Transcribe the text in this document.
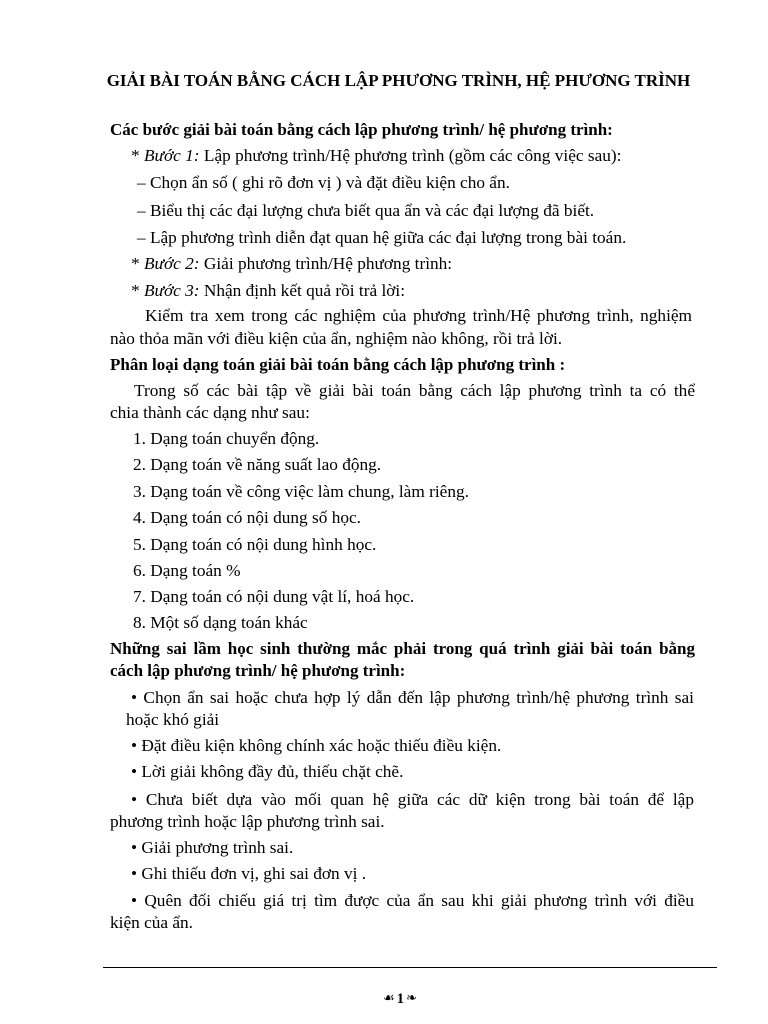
GIẢI BÀI TOÁN BẰNG CÁCH LẬP PHƯƠNG TRÌNH, HỆ PHƯƠNG TRÌNH
Các bước giải bài toán bằng cách lập phương trình/ hệ phương trình:
* Bước 1: Lập phương trình/Hệ phương trình (gồm các công việc sau):
– Chọn ẩn số ( ghi rõ đơn vị ) và đặt điều kiện cho ẩn.
– Biểu thị các đại lượng chưa biết qua ẩn và các đại lượng đã biết.
– Lập phương trình diễn đạt quan hệ giữa các đại lượng trong bài toán.
* Bước 2: Giải phương trình/Hệ phương trình:
* Bước 3: Nhận định kết quả rồi trả lời:
Kiểm tra xem trong các nghiệm của phương trình/Hệ phương trình, nghiệm
nào thỏa mãn với điều kiện của ẩn, nghiệm nào không, rồi trả lời.
Phân loại dạng toán giải bài toán bằng cách lập phương trình :
Trong số các bài tập về giải bài toán bằng cách lập phương trình ta có thể
chia thành các dạng như sau:
1. Dạng toán chuyển động.
2. Dạng toán về năng suất lao động.
3. Dạng toán về công việc làm chung, làm riêng.
4. Dạng toán có nội dung số học.
5. Dạng toán có nội dung hình học.
6. Dạng toán %
7. Dạng toán có nội dung vật lí, hoá học.
8. Một số dạng toán khác
Những sai lầm học sinh thường mắc phải trong quá trình giải bài toán bằng
cách lập phương trình/ hệ phương trình:
• Chọn ẩn sai hoặc chưa hợp lý dẫn đến lập phương trình/hệ phương trình sai
hoặc khó giải
• Đặt điều kiện không chính xác hoặc thiếu điều kiện.
• Lời giải không đầy đủ, thiếu chặt chẽ.
• Chưa biết dựa vào mối quan hệ giữa các dữ kiện trong bài toán để lập
phương trình hoặc lập phương trình sai.
• Giải phương trình sai.
• Ghi thiếu đơn vị, ghi sai đơn vị .
• Quên đối chiếu giá trị tìm được của ẩn sau khi giải phương trình với điều
kiện của ẩn.
☙1❧
